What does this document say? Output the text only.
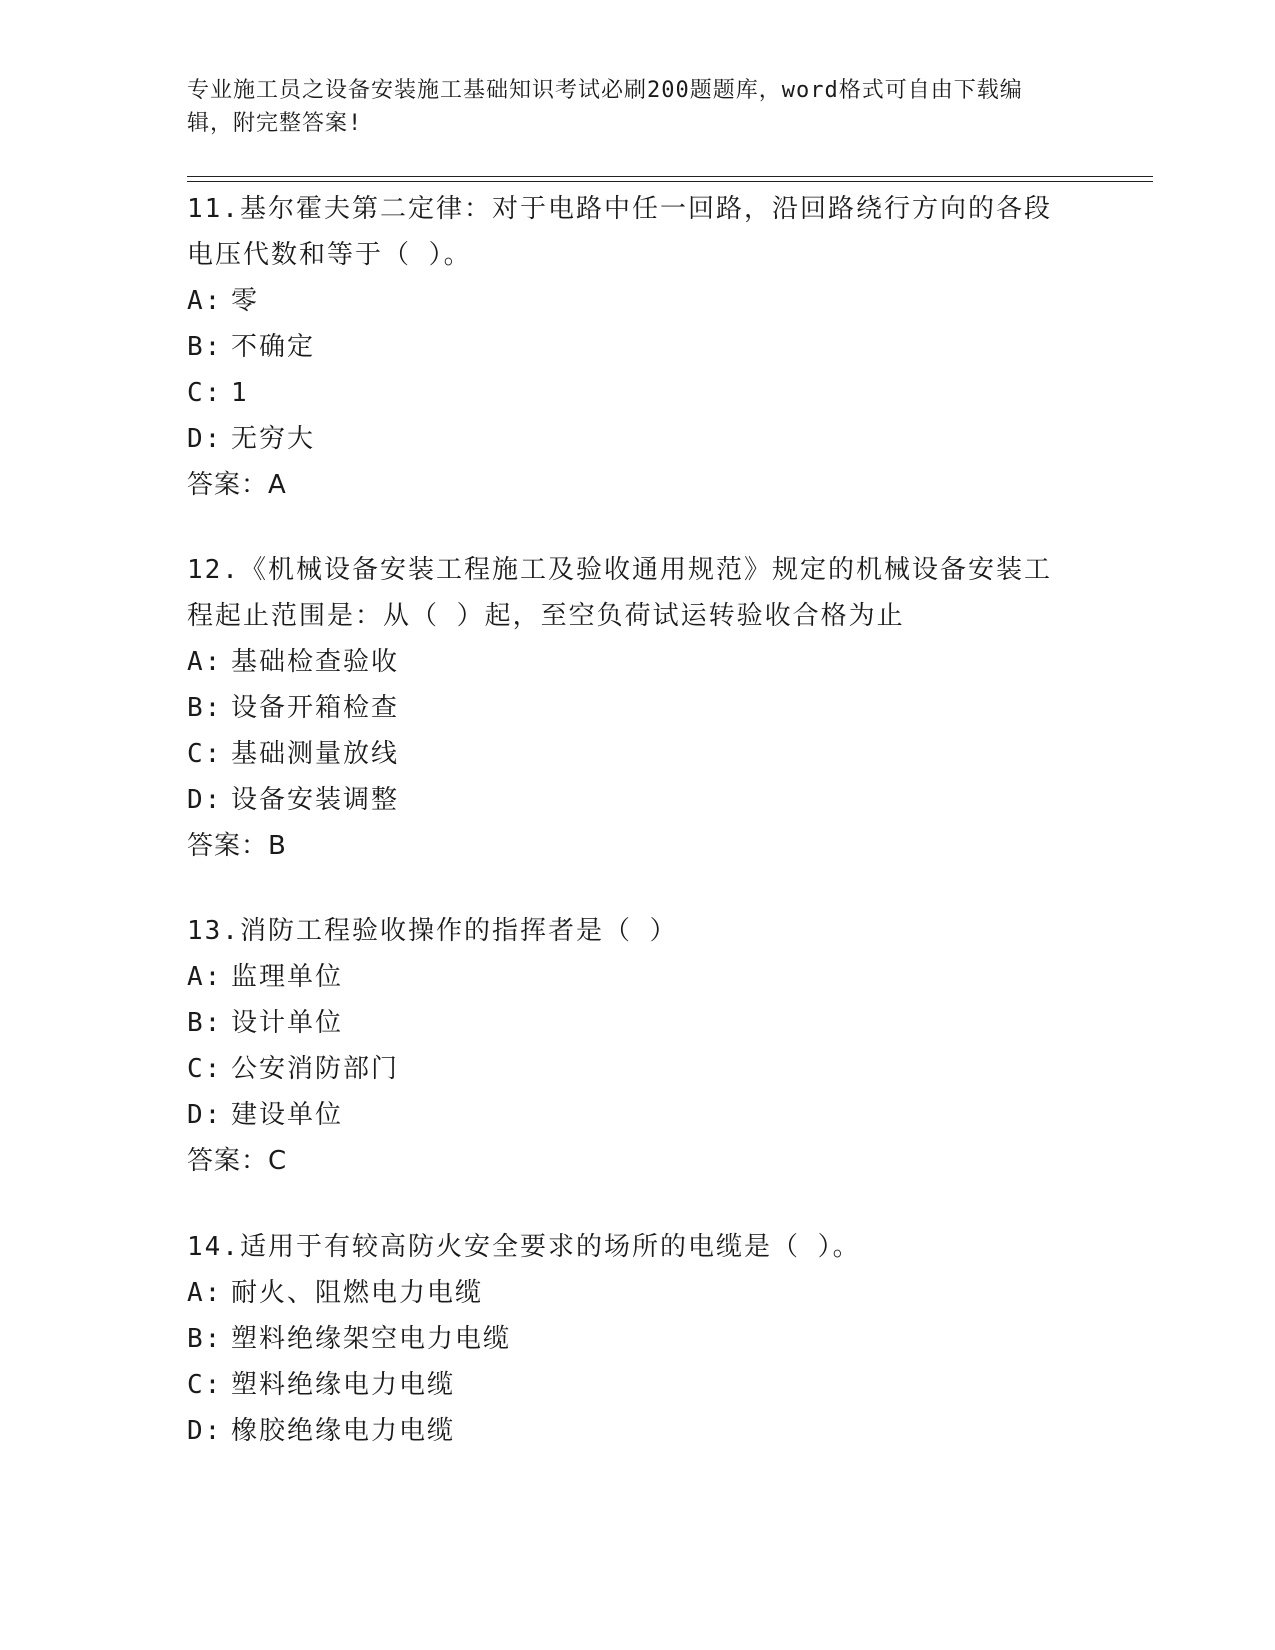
专业施工员之设备安装施工基础知识考试必刷200题题库，word格式可自由下载编辑，附完整答案!

11.基尔霍夫第二定律：对于电路中任一回路，沿回路绕行方向的各段电压代数和等于（ ）。

A: 零

B: 不确定

C: 1

D: 无穷大

答案：A

12.《机械设备安装工程施工及验收通用规范》规定的机械设备安装工程起止范围是：从（ ）起，至空负荷试运转验收合格为止

A: 基础检查验收

B: 设备开箱检查

C: 基础测量放线

D: 设备安装调整

答案：B

13.消防工程验收操作的指挥者是（ ）

A: 监理单位

B: 设计单位

C: 公安消防部门

D: 建设单位

答案：C

14.适用于有较高防火安全要求的场所的电缆是（ ）。

A: 耐火、阻燃电力电缆

B: 塑料绝缘架空电力电缆

C: 塑料绝缘电力电缆

D: 橡胶绝缘电力电缆
